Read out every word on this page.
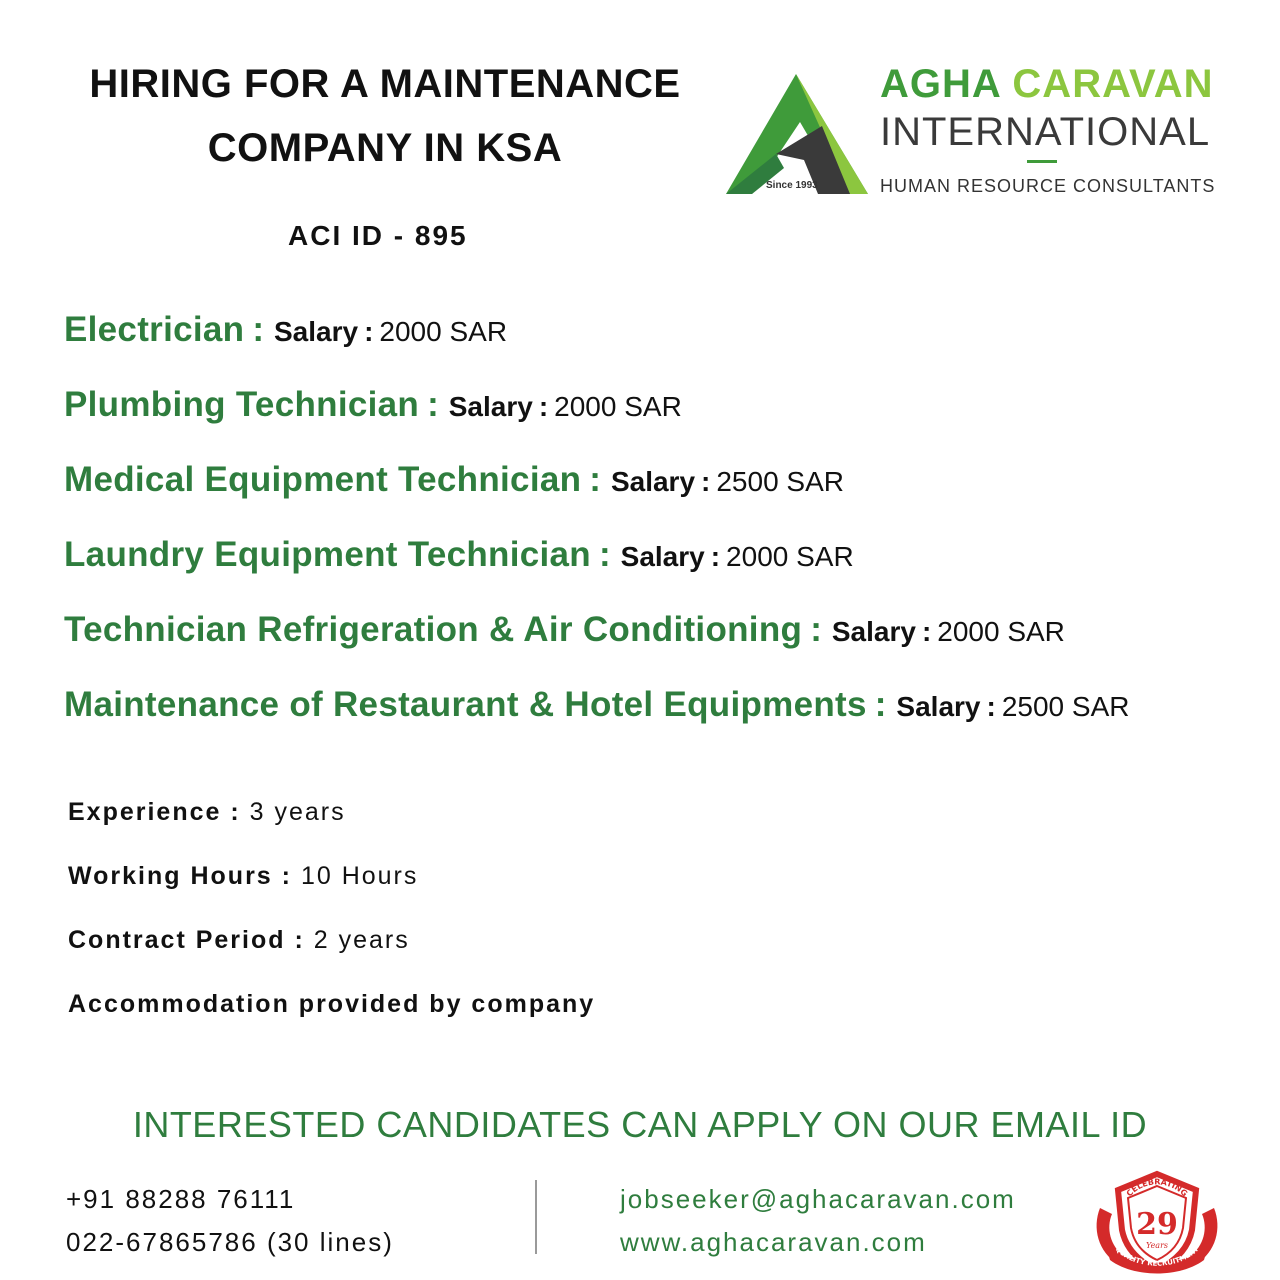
HIRING FOR A MAINTENANCE
COMPANY IN KSA
ACI ID - 895
Since 1993
AGHA CARAVAN
INTERNATIONAL
HUMAN RESOURCE CONSULTANTS
Electrician : Salary : 2000 SAR
Plumbing Technician : Salary : 2000 SAR
Medical Equipment Technician : Salary : 2500 SAR
Laundry Equipment Technician : Salary : 2000 SAR
Technician Refrigeration & Air Conditioning : Salary : 2000 SAR
Maintenance of Restaurant & Hotel Equipments : Salary : 2500 SAR
Experience : 3 years
Working Hours : 10 Hours
Contract Period : 2 years
Accommodation provided by company
INTERESTED CANDIDATES CAN APPLY ON OUR EMAIL ID
+91 88288 76111
022-67865786 (30 lines)
jobseeker@aghacaravan.com
www.aghacaravan.com
CELEBRATING
29
Years
QUALITY RECRUITMENT
